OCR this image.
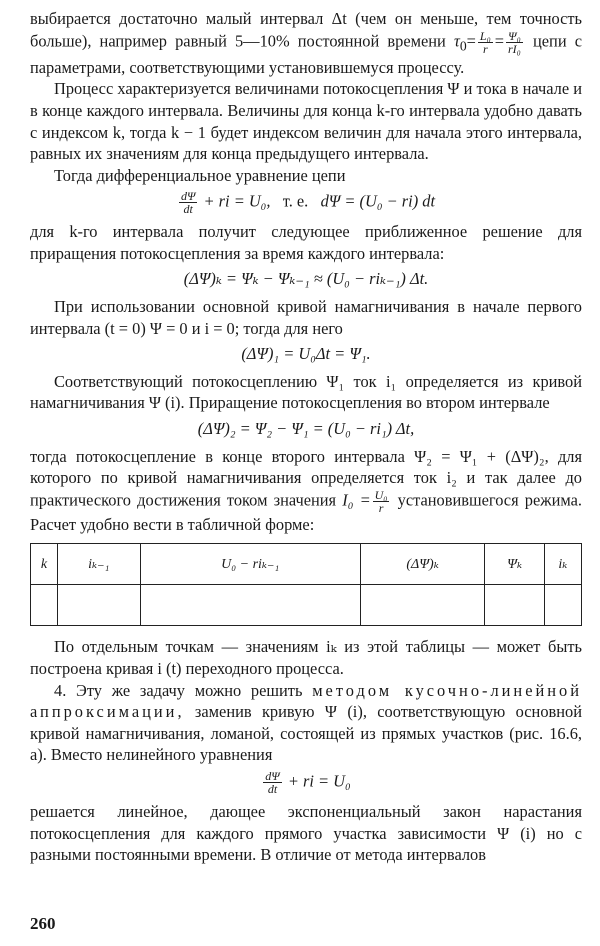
выбирается достаточно малый интервал Δt (чем он меньше, тем точность больше), например равный 5—10% постоянной времени $\tau_0= \frac{\text{L₀}}{r} = \frac{\text{Ψ₀}}{\text{rI₀}}$ цепи с параметрами, соответствующими установившемуся процессу.

Процесс характеризуется величинами потокосцепления Ψ и тока в начале и в конце каждого интервала. Величины для конца k-го интервала удобно давать с индексом k, тогда k − 1 будет индексом величин для начала этого интервала, равных их значениям для конца предыдущего интервала.

Тогда дифференциальное уравнение цепи

$\frac{d\Psi}{dt}$ + ri = U₀, т. е. dΨ = (U₀ − ri) dt

для k-го интервала получит следующее приближенное решение для приращения потокосцепления за время каждого интервала:

(ΔΨ)ₖ = Ψₖ − Ψₖ₋₁ ≈ (U₀ − riₖ₋₁) Δt.

При использовании основной кривой намагничивания в начале первого интервала (t = 0) Ψ = 0 и i = 0; тогда для него

(ΔΨ)₁ = U₀Δt = Ψ₁.

Соответствующий потокосцеплению Ψ₁ ток i₁ определяется из кривой намагничивания Ψ (i). Приращение потокосцепления во втором интервале

(ΔΨ)₂ = Ψ₂ − Ψ₁ = (U₀ − ri₁) Δt,

тогда потокосцепление в конце второго интервала Ψ₂ = Ψ₁ + (ΔΨ)₂, для которого по кривой намагничивания определяется ток i₂ и так далее до практического достижения током значения $I_0 = \frac{\text{U₀}}{r}$ установившегося режима. Расчет удобно вести в табличной форме:

k	iₖ₋₁	U₀ − riₖ₋₁	(ΔΨ)ₖ	Ψₖ	iₖ

По отдельным точкам — значениям iₖ из этой таблицы — может быть построена кривая i (t) переходного процесса.

4. Эту же задачу можно решить методом кусочно-линейной аппроксимации, заменив кривую Ψ (i), соответствующую основной кривой намагничивания, ломаной, состоящей из прямых участков (рис. 16.6, а). Вместо нелинейного уравнения

$\frac{d\Psi}{dt}$ + ri = U₀

решается линейное, дающее экспоненциальный закон нарастания потокосцепления для каждого прямого участка зависимости Ψ (i) но с разными постоянными времени. В отличие от метода интервалов

260
